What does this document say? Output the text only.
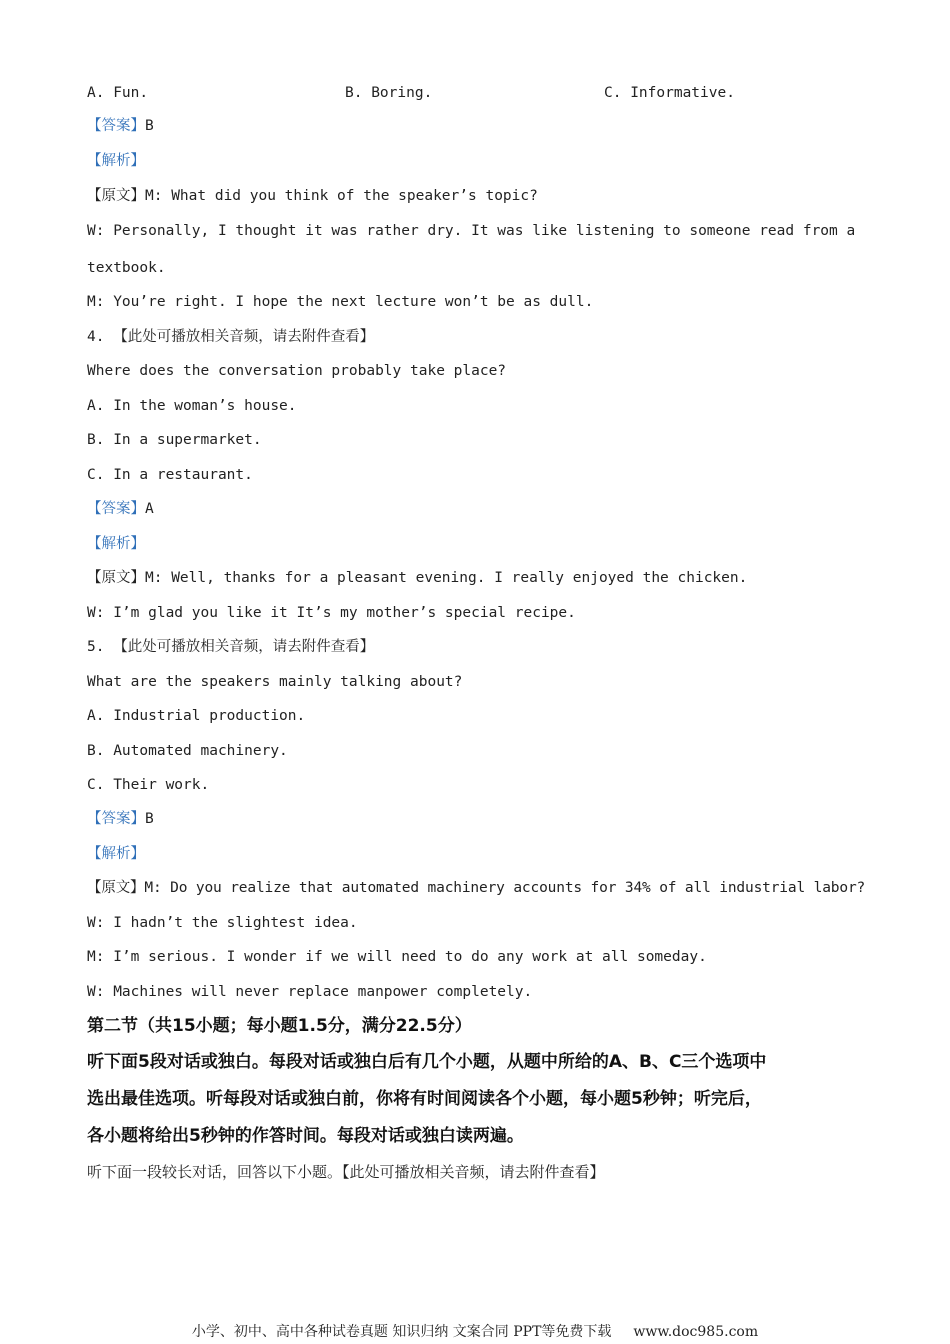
A. Fun.	B. Boring.	C. Informative.
【答案】B
【解析】
【原文】M: What did you think of the speaker’s topic?
W: Personally, I thought it was rather dry. It was like listening to someone read from a
textbook.
M: You’re right. I hope the next lecture won’t be as dull.
4. 【此处可播放相关音频，请去附件查看】
Where does the conversation probably take place?
A. In the woman’s house.
B. In a supermarket.
C. In a restaurant.
【答案】A
【解析】
【原文】M: Well, thanks for a pleasant evening. I really enjoyed the chicken.
W: I’m glad you like it It’s my mother’s special recipe.
5. 【此处可播放相关音频，请去附件查看】
What are the speakers mainly talking about?
A. Industrial production.
B. Automated machinery.
C. Their work.
【答案】B
【解析】
【原文】M: Do you realize that automated machinery accounts for 34% of all industrial labor?
W: I hadn’t the slightest idea.
M: I’m serious. I wonder if we will need to do any work at all someday.
W: Machines will never replace manpower completely.
第二节（共15小题；每小题1.5分，满分22.5分）
听下面5段对话或独白。每段对话或独白后有几个小题，从题中所给的A、B、C三个选项中
选出最佳选项。听每段对话或独白前，你将有时间阅读各个小题，每小题5秒钟；听完后，
各小题将给出5秒钟的作答时间。每段对话或独白读两遍。
听下面一段较长对话，回答以下小题。【此处可播放相关音频，请去附件查看】
小学、初中、高中各种试卷真题 知识归纳 文案合同 PPT等免费下载 www.doc985.com
